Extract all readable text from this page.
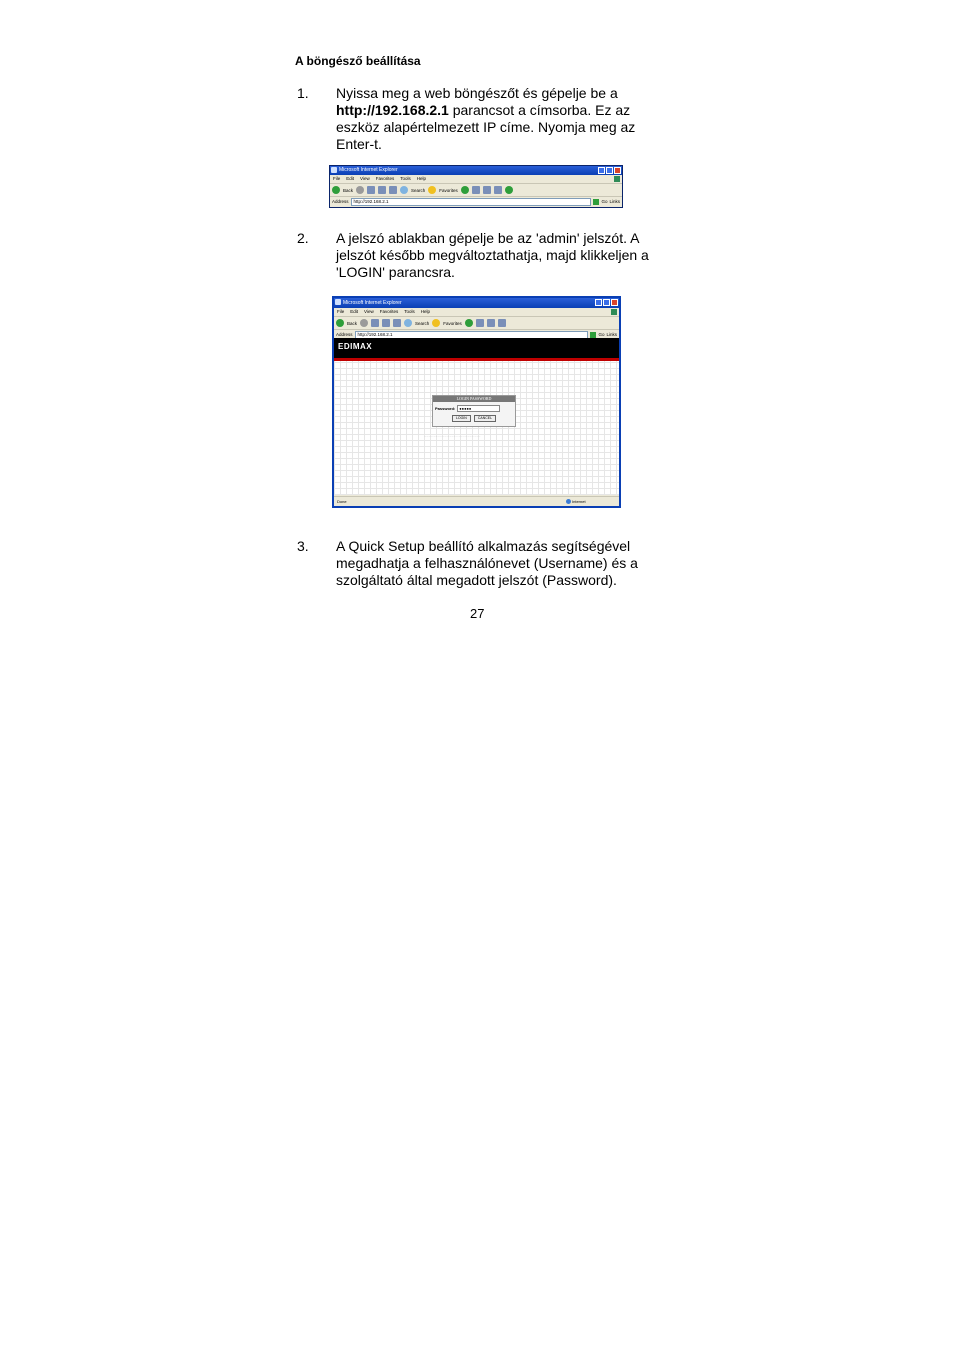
A böngésző beállítása
1. Nyissa meg a web böngészőt és gépelje be a http://192.168.2.1 parancsot a címsorba. Ez az eszköz alapértelmezett IP címe. Nyomja meg az Enter-t.
Microsoft Internet Explorer
File Edit View Favorites Tools Help
Back	Search	Favorites
Address	http://192.168.2.1	Go Links
2. A jelszó ablakban gépelje be az 'admin' jelszót. A jelszót később megváltoztathatja, majd klikkeljen a 'LOGIN' parancsra.
Microsoft Internet Explorer
File Edit View Favorites Tools Help
Back	Search	Favorites
Address	http://192.168.2.1	Go Links
EDIMAX
LOGIN PASSWORD
Password:	●●●●●
LOGIN	CANCEL
.................................................................................
Done	Internet
3. A Quick Setup beállító alkalmazás segítségével megadhatja a felhasználónevet (Username) és a szolgáltató által megadott jelszót (Password).
27
